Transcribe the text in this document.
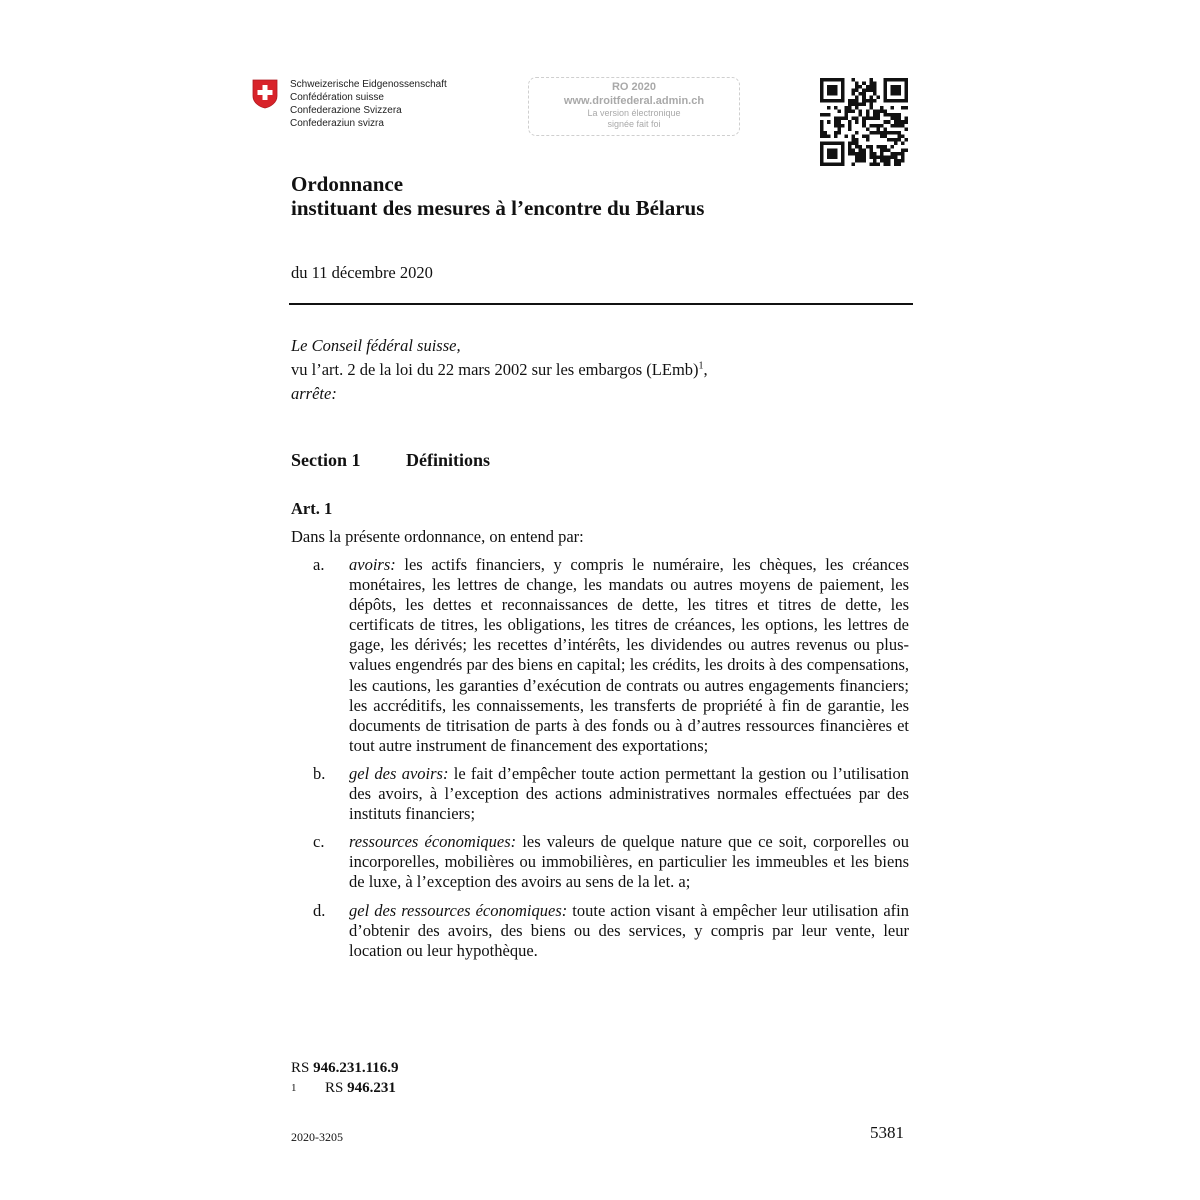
Schweizerische Eidgenossenschaft
Confédération suisse
Confederazione Svizzera
Confederaziun svizra
RO 2020
www.droitfederal.admin.ch
La version électronique
signée fait foi
Ordonnance
instituant des mesures à l’encontre du Bélarus
du 11 décembre 2020
Le Conseil fédéral suisse,
vu l’art. 2 de la loi du 22 mars 2002 sur les embargos (LEmb)$^1$,
arrête:
Section 1	Définitions
Art. 1
Dans la présente ordonnance, on entend par:
a. avoirs: les actifs financiers, y compris le numéraire, les chèques, les créances monétaires, les lettres de change, les mandats ou autres moyens de paiement, les dépôts, les dettes et reconnaissances de dette, les titres et titres de dette, les certificats de titres, les obligations, les titres de créances, les options, les lettres de gage, les dérivés; les recettes d’intérêts, les dividendes ou autres revenus ou plus-values engendrés par des biens en capital; les crédits, les droits à des compensations, les cautions, les garanties d’exécution de contrats ou autres engagements financiers; les accréditifs, les connaissements, les transferts de propriété à fin de garantie, les documents de titrisation de parts à des fonds ou à d’autres ressources financières et tout autre instrument de financement des exportations;
b. gel des avoirs: le fait d’empêcher toute action permettant la gestion ou l’utilisation des avoirs, à l’exception des actions administratives normales effectuées par des instituts financiers;
c. ressources économiques: les valeurs de quelque nature que ce soit, corporelles ou incorporelles, mobilières ou immobilières, en particulier les immeubles et les biens de luxe, à l’exception des avoirs au sens de la let. a;
d. gel des ressources économiques: toute action visant à empêcher leur utilisation afin d’obtenir des avoirs, des biens ou des services, y compris par leur vente, leur location ou leur hypothèque.
RS 946.231.116.9
1 RS 946.231
2020-3205	5381
